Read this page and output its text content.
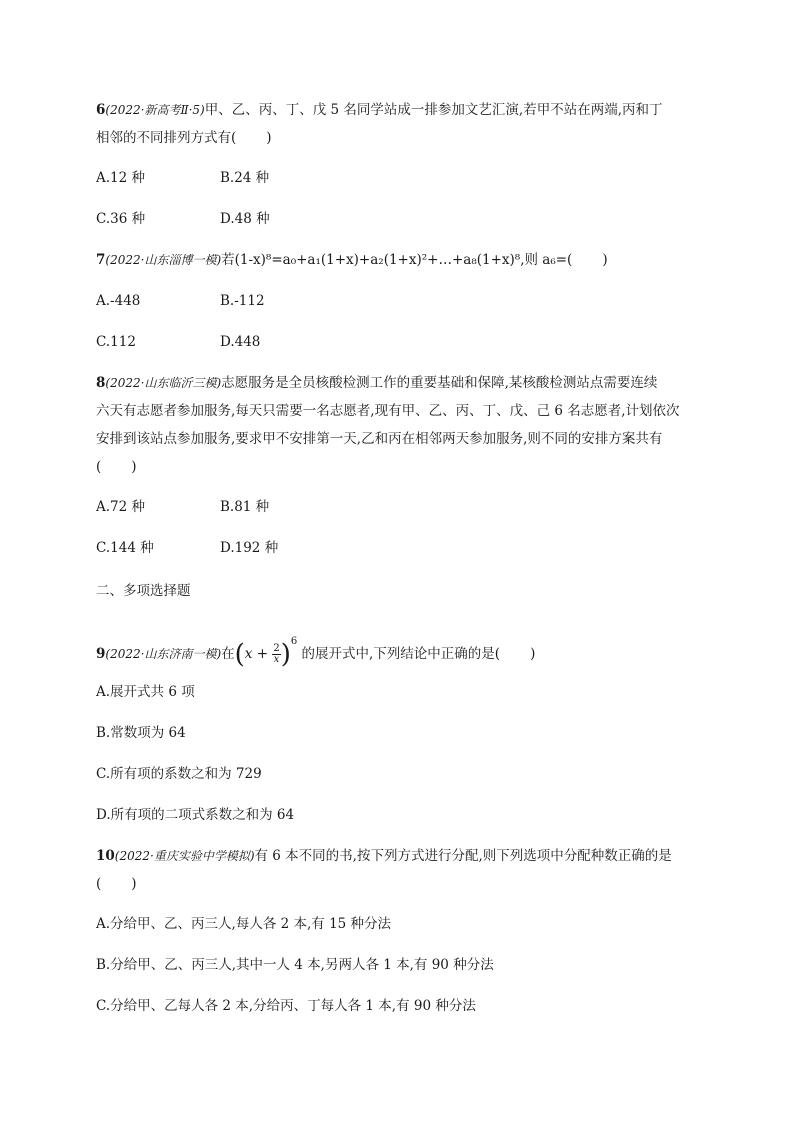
6(2022·新高考Ⅱ·5)甲、乙、丙、丁、戊 5 名同学站成一排参加文艺汇演,若甲不站在两端,丙和丁
相邻的不同排列方式有( )
A.12 种	B.24 种
C.36 种	D.48 种
7(2022·山东淄博一模)若(1-x)⁸=a₀+a₁(1+x)+a₂(1+x)²+…+a₈(1+x)⁸,则 a₆=( )
A.-448	B.-112
C.112	D.448
8(2022·山东临沂三模)志愿服务是全员核酸检测工作的重要基础和保障,某核酸检测站点需要连续
六天有志愿者参加服务,每天只需要一名志愿者,现有甲、乙、丙、丁、戊、己 6 名志愿者,计划依次
安排到该站点参加服务,要求甲不安排第一天,乙和丙在相邻两天参加服务,则不同的安排方案共有
( )
A.72 种	B.81 种
C.144 种	D.192 种
二、多项选择题
9(2022·山东济南一模)在$(x + \frac{2}{x} )^6$ 的展开式中,下列结论中正确的是( )
A.展开式共 6 项
B.常数项为 64
C.所有项的系数之和为 729
D.所有项的二项式系数之和为 64
10(2022·重庆实验中学模拟)有 6 本不同的书,按下列方式进行分配,则下列选项中分配种数正确的是
( )
A.分给甲、乙、丙三人,每人各 2 本,有 15 种分法
B.分给甲、乙、丙三人,其中一人 4 本,另两人各 1 本,有 90 种分法
C.分给甲、乙每人各 2 本,分给丙、丁每人各 1 本,有 90 种分法
